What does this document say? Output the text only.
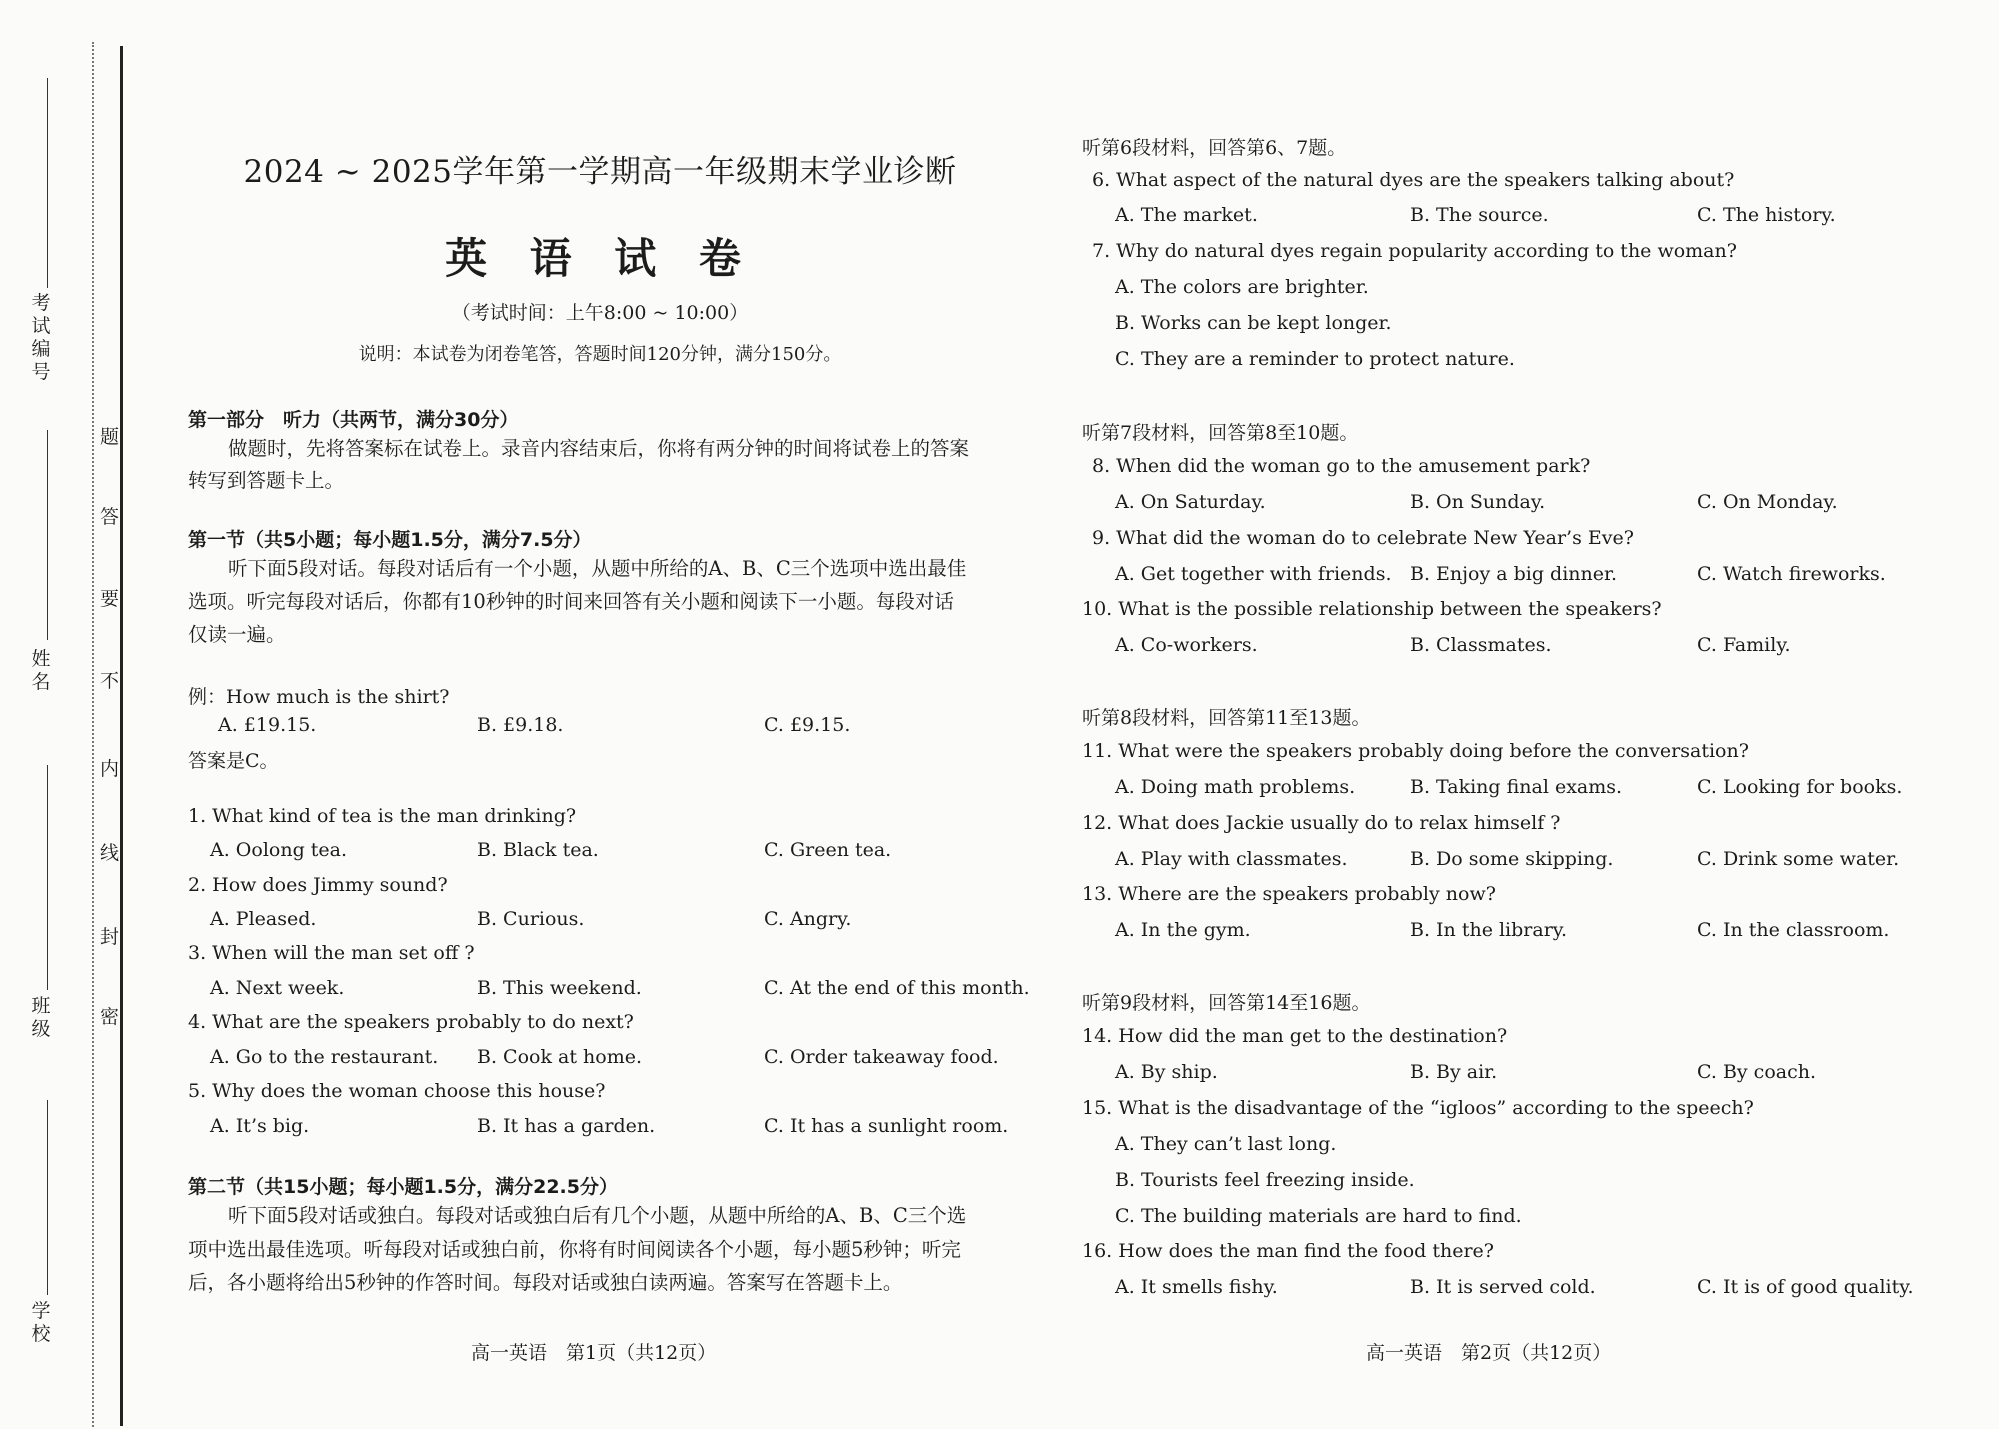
考
试
编
号
姓
名
班
级
学
校
题
答
要
不
内
线
封
密
2024 ~ 2025学年第一学期高一年级期末学业诊断
英 语 试 卷
（考试时间：上午8:00 ~ 10:00）
说明：本试卷为闭卷笔答，答题时间120分钟，满分150分。
第一部分　听力（共两节，满分30分）
做题时，先将答案标在试卷上。录音内容结束后，你将有两分钟的时间将试卷上的答案
转写到答题卡上。
第一节（共5小题；每小题1.5分，满分7.5分）
听下面5段对话。每段对话后有一个小题，从题中所给的A、B、C三个选项中选出最佳
选项。听完每段对话后，你都有10秒钟的时间来回答有关小题和阅读下一小题。每段对话
仅读一遍。
例：How much is the shirt?
A. £19.15.	B. £9.18.	C. £9.15.
答案是C。
1. What kind of tea is the man drinking?
A. Oolong tea.	B. Black tea.	C. Green tea.
2. How does Jimmy sound?
A. Pleased.	B. Curious.	C. Angry.
3. When will the man set off ?
A. Next week.	B. This weekend.	C. At the end of this month.
4. What are the speakers probably to do next?
A. Go to the restaurant. B. Cook at home.	C. Order takeaway food.
5. Why does the woman choose this house?
A. It’s big.	B. It has a garden.	C. It has a sunlight room.
第二节（共15小题；每小题1.5分，满分22.5分）
听下面5段对话或独白。每段对话或独白后有几个小题，从题中所给的A、B、C三个选
项中选出最佳选项。听每段对话或独白前，你将有时间阅读各个小题，每小题5秒钟；听完
后，各小题将给出5秒钟的作答时间。每段对话或独白读两遍。答案写在答题卡上。
高一英语　第1页（共12页）
听第6段材料，回答第6、7题。
6. What aspect of the natural dyes are the speakers talking about?
A. The market.	B. The source.	C. The history.
7. Why do natural dyes regain popularity according to the woman?
A. The colors are brighter.
B. Works can be kept longer.
C. They are a reminder to protect nature.
听第7段材料，回答第8至10题。
8. When did the woman go to the amusement park?
A. On Saturday.	B. On Sunday.	C. On Monday.
9. What did the woman do to celebrate New Year’s Eve?
A. Get together with friends. B. Enjoy a big dinner.	C. Watch fireworks.
10. What is the possible relationship between the speakers?
A. Co-workers.	B. Classmates.	C. Family.
听第8段材料，回答第11至13题。
11. What were the speakers probably doing before the conversation?
A. Doing math problems.	B. Taking final exams.	C. Looking for books.
12. What does Jackie usually do to relax himself ?
A. Play with classmates.	B. Do some skipping.	C. Drink some water.
13. Where are the speakers probably now?
A. In the gym.	B. In the library.	C. In the classroom.
听第9段材料，回答第14至16题。
14. How did the man get to the destination?
A. By ship.	B. By air.	C. By coach.
15. What is the disadvantage of the “igloos” according to the speech?
A. They can’t last long.
B. Tourists feel freezing inside.
C. The building materials are hard to find.
16. How does the man find the food there?
A. It smells fishy.	B. It is served cold.	C. It is of good quality.
高一英语　第2页（共12页）
